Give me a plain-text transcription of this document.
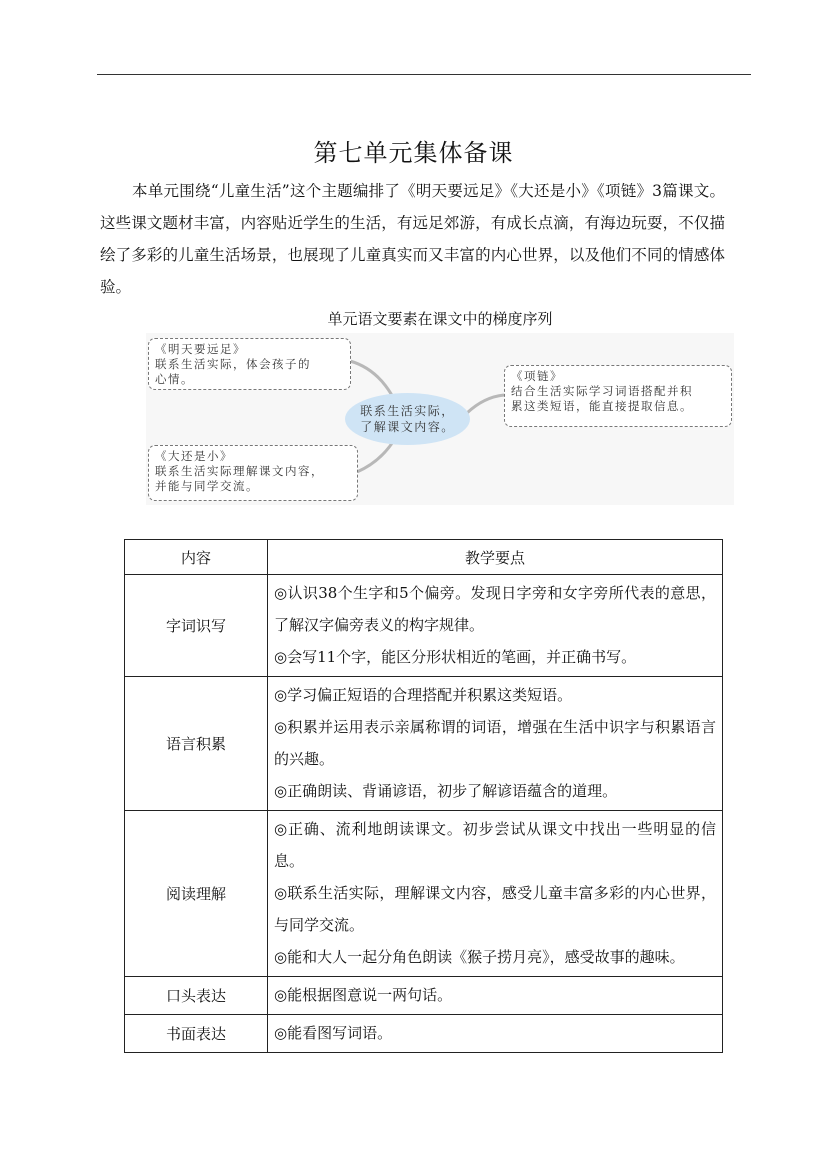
第七单元集体备课

本单元围绕“儿童生活”这个主题编排了《明天要远足》《大还是小》《项链》3篇课文。这些课文题材丰富，内容贴近学生的生活，有远足郊游，有成长点滴，有海边玩耍，不仅描绘了多彩的儿童生活场景，也展现了儿童真实而又丰富的内心世界，以及他们不同的情感体验。

单元语文要素在课文中的梯度序列
联系生活实际，
了解课文内容。
《明天要远足》
联系生活实际，体会孩子的
心情。
《大还是小》
联系生活实际理解课文内容，
并能与同学交流。
《项链》
结合生活实际学习词语搭配并积
累这类短语，能直接提取信息。
内容	教学要点
字词识写	◎认识38个生字和5个偏旁。发现日字旁和女字旁所代表的意思，了解汉字偏旁表义的构字规律。
◎会写11个字，能区分形状相近的笔画，并正确书写。

语言积累	◎学习偏正短语的合理搭配并积累这类短语。
◎积累并运用表示亲属称谓的词语，增强在生活中识字与积累语言的兴趣。
◎正确朗读、背诵谚语，初步了解谚语蕴含的道理。

阅读理解	◎正确、流利地朗读课文。初步尝试从课文中找出一些明显的信息。
◎联系生活实际，理解课文内容，感受儿童丰富多彩的内心世界，与同学交流。
◎能和大人一起分角色朗读《猴子捞月亮》，感受故事的趣味。

口头表达	◎能根据图意说一两句话。

书面表达	◎能看图写词语。
